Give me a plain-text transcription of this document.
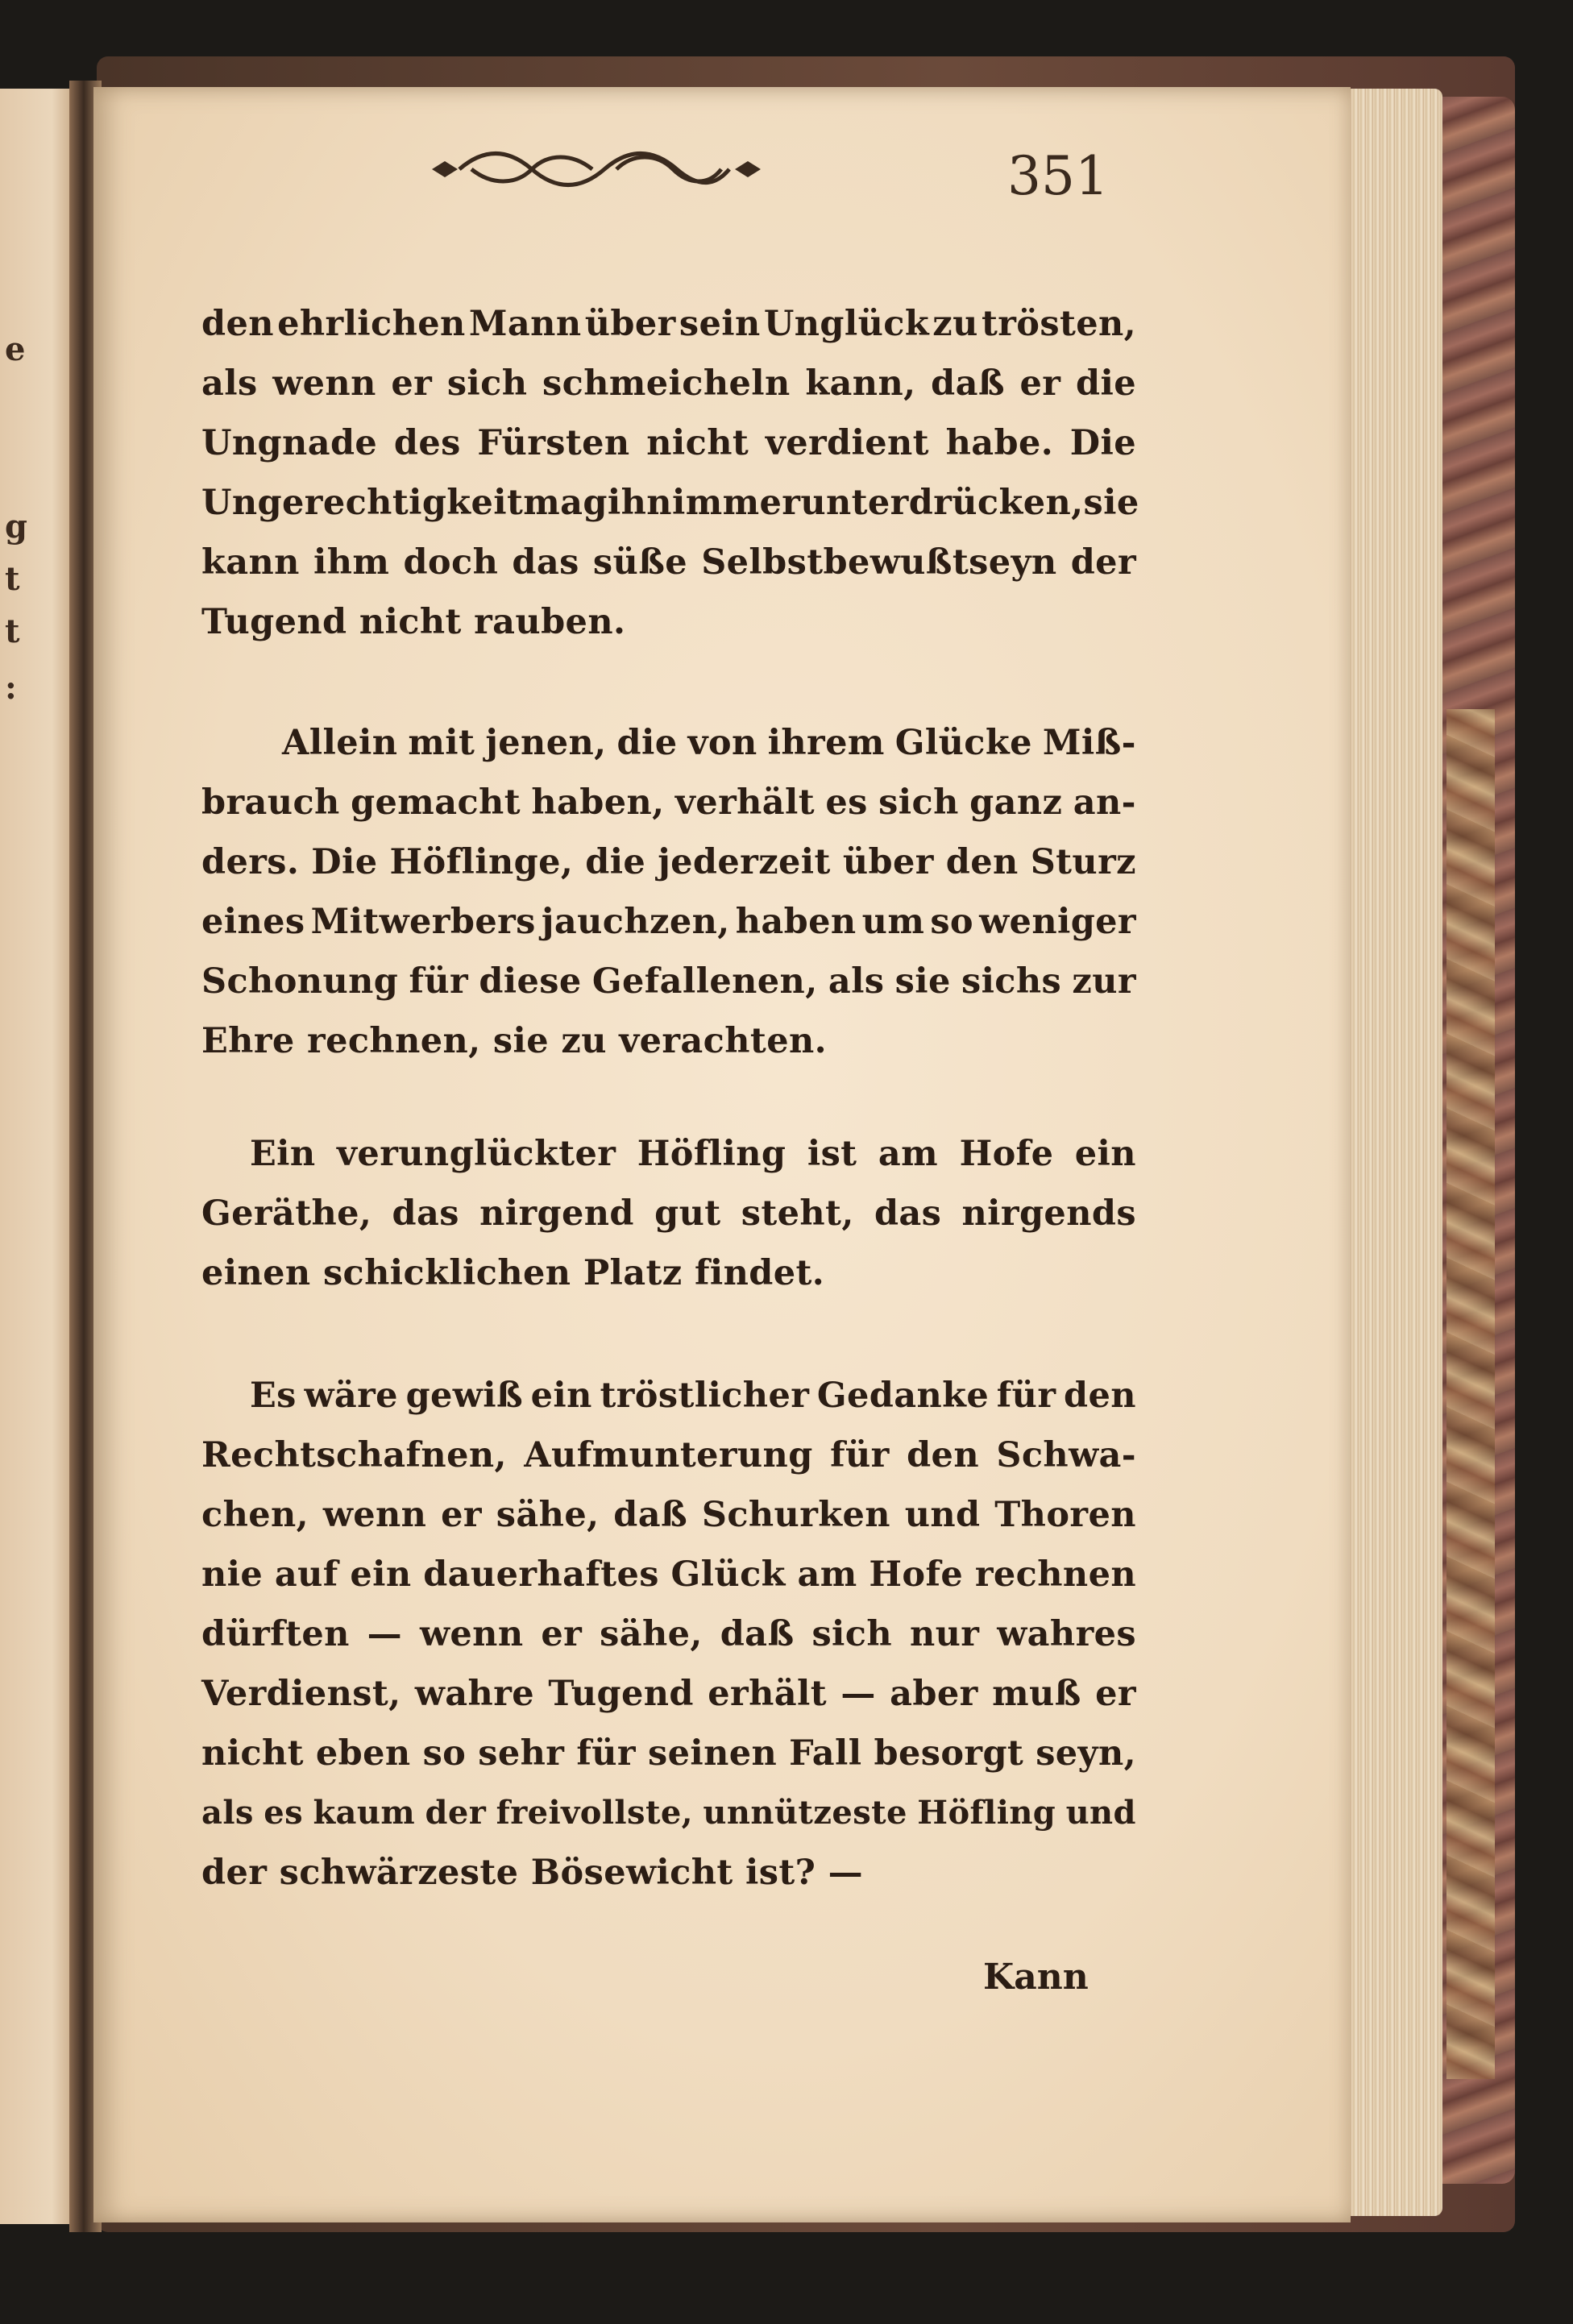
e
g
t
t
:
351
den ehrlichen Mann über sein Unglück zu trösten,
als wenn er sich schmeicheln kann, daß er die
Ungnade des Fürsten nicht verdient habe. Die
Ungerechtigkeit mag ihn immer unterdrücken, sie
kann ihm doch das süße Selbstbewußtseyn der
Tugend nicht rauben.
Allein mit jenen, die von ihrem Glücke Miß-
brauch gemacht haben, verhält es sich ganz an-
ders. Die Höflinge, die jederzeit über den Sturz
eines Mitwerbers jauchzen, haben um so weniger
Schonung für diese Gefallenen, als sie sichs zur
Ehre rechnen, sie zu verachten.
Ein verunglückter Höfling ist am Hofe ein
Geräthe, das nirgend gut steht, das nirgends
einen schicklichen Platz findet.
Es wäre gewiß ein tröstlicher Gedanke für den
Rechtschafnen, Aufmunterung für den Schwa-
chen, wenn er sähe, daß Schurken und Thoren
nie auf ein dauerhaftes Glück am Hofe rechnen
dürften — wenn er sähe, daß sich nur wahres
Verdienst, wahre Tugend erhält — aber muß er
nicht eben so sehr für seinen Fall besorgt seyn,
als es kaum der freivollste, unnützeste Höfling und
der schwärzeste Bösewicht ist? —
Kann
